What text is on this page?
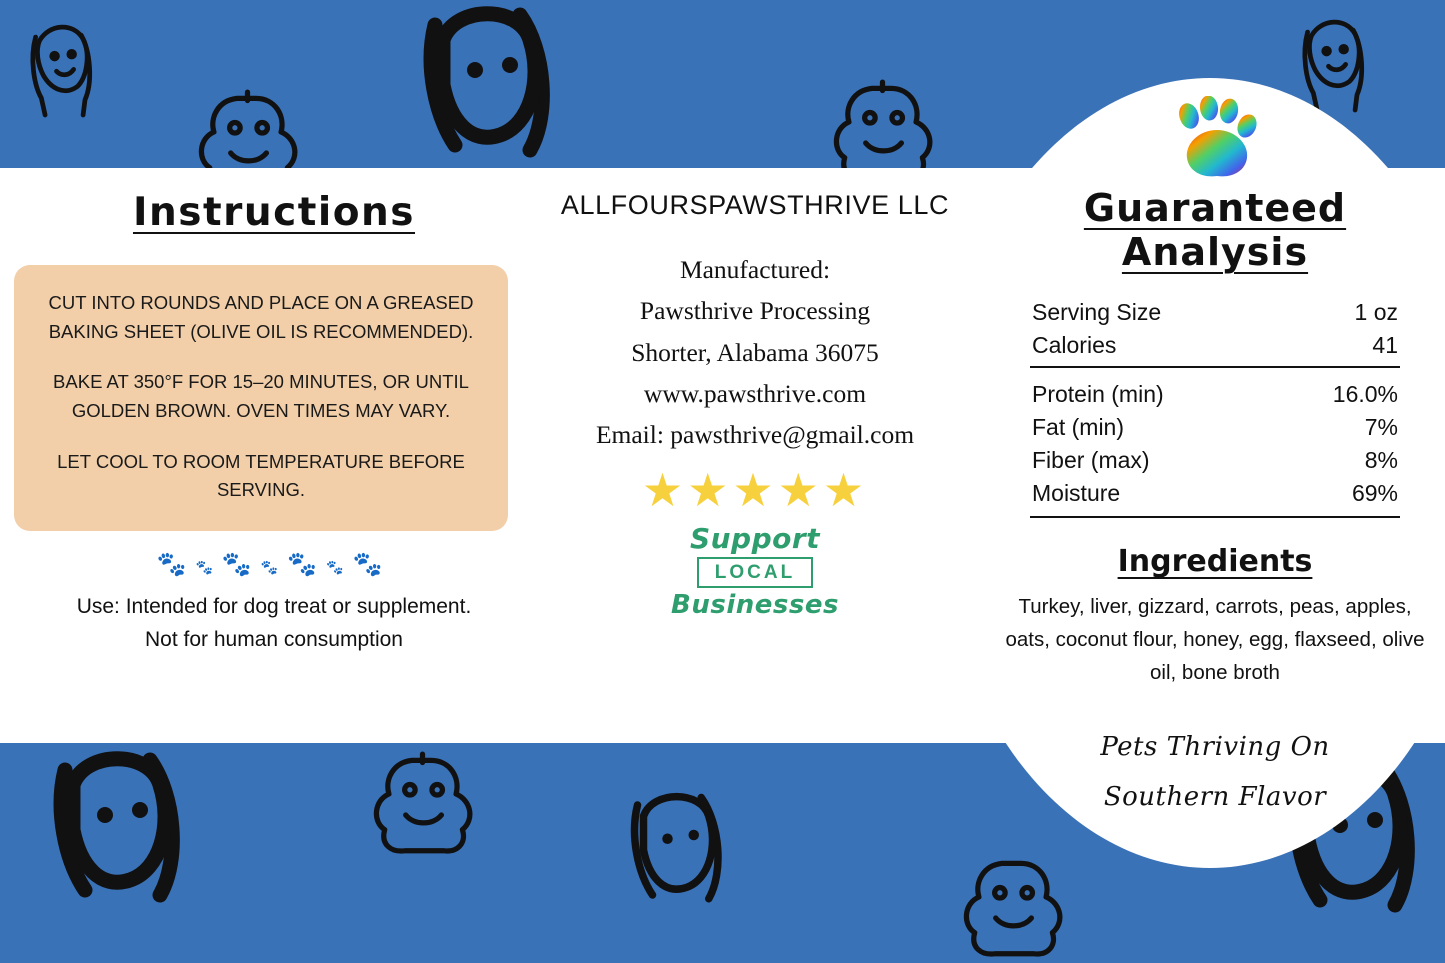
Instructions

CUT INTO ROUNDS AND PLACE ON A GREASED BAKING SHEET (OLIVE OIL IS RECOMMENDED).

BAKE AT 350°F FOR 15–20 MINUTES, OR UNTIL GOLDEN BROWN. OVEN TIMES MAY VARY.

LET COOL TO ROOM TEMPERATURE BEFORE SERVING.

🐾🐾🐾🐾🐾🐾🐾
Use: Intended for dog treat or supplement.
Not for human consumption
ALLFOURSPAWSTHRIVE LLC
Manufactured:
Pawsthrive Processing
Shorter, Alabama 36075
www.pawsthrive.com
Email: pawsthrive@gmail.com
★★★★★
Support
LOCAL
Businesses
Guaranteed Analysis
Serving Size	1 oz
Calories	41
Protein (min)	16.0%
Fat (min)	7%
Fiber (max)	8%
Moisture	69%
Ingredients
Turkey, liver, gizzard, carrots, peas, apples, oats, coconut flour, honey, egg, flaxseed, olive oil, bone broth
Pets Thriving On
Southern Flavor
